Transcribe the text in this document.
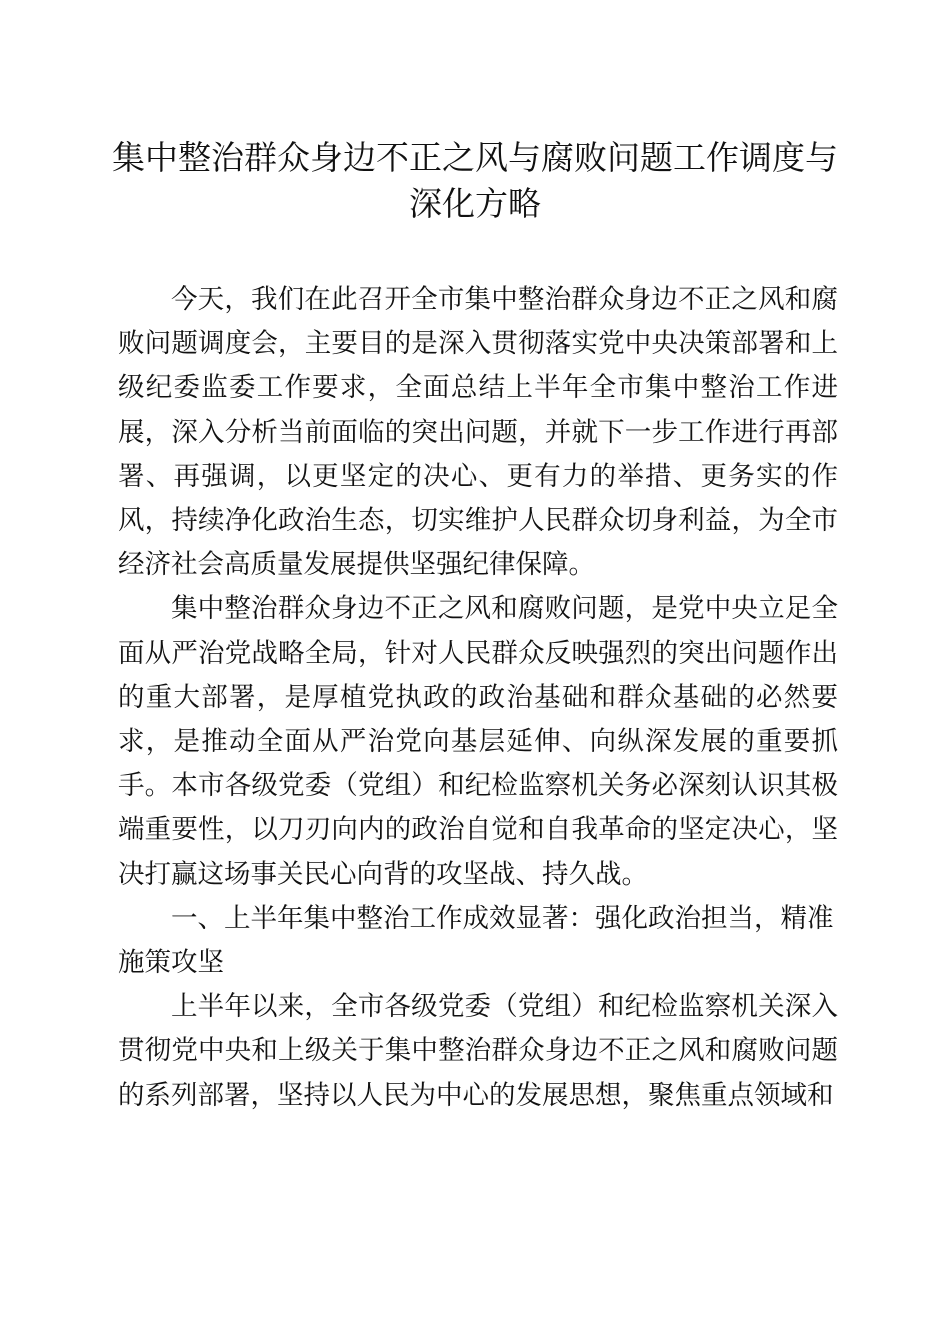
集中整治群众身边不正之风与腐败问题工作调度与深化方略

今天，我们在此召开全市集中整治群众身边不正之风和腐败问题调度会，主要目的是深入贯彻落实党中央决策部署和上级纪委监委工作要求，全面总结上半年全市集中整治工作进展，深入分析当前面临的突出问题，并就下一步工作进行再部署、再强调，以更坚定的决心、更有力的举措、更务实的作风，持续净化政治生态，切实维护人民群众切身利益，为全市经济社会高质量发展提供坚强纪律保障。

集中整治群众身边不正之风和腐败问题，是党中央立足全面从严治党战略全局，针对人民群众反映强烈的突出问题作出的重大部署，是厚植党执政的政治基础和群众基础的必然要求，是推动全面从严治党向基层延伸、向纵深发展的重要抓手。本市各级党委（党组）和纪检监察机关务必深刻认识其极端重要性，以刀刃向内的政治自觉和自我革命的坚定决心，坚决打赢这场事关民心向背的攻坚战、持久战。

一、上半年集中整治工作成效显著：强化政治担当，精准施策攻坚

上半年以来，全市各级党委（党组）和纪检监察机关深入贯彻党中央和上级关于集中整治群众身边不正之风和腐败问题的系列部署，坚持以人民为中心的发展思想，聚焦重点领域和
